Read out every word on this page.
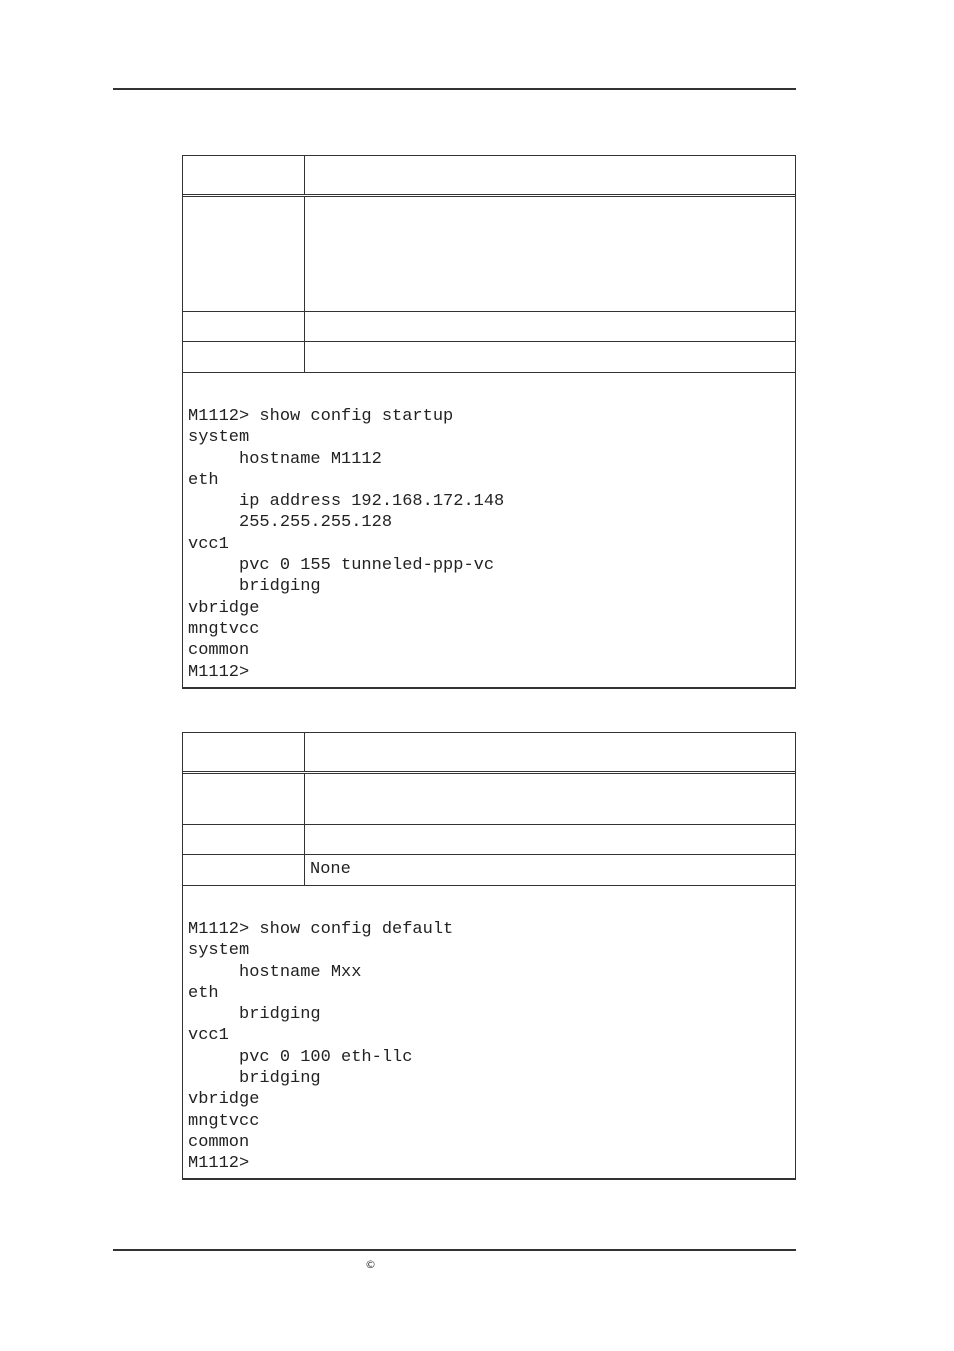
M1112> show config startup
system
hostname M1112
eth
ip address 192.168.172.148
255.255.255.128
vcc1
pvc 0 155 tunneled-ppp-vc
bridging
vbridge
mngtvcc
common
M1112>
None
M1112> show config default
system
hostname Mxx
eth
bridging
vcc1
pvc 0 100 eth-llc
bridging
vbridge
mngtvcc
common
M1112>
©
